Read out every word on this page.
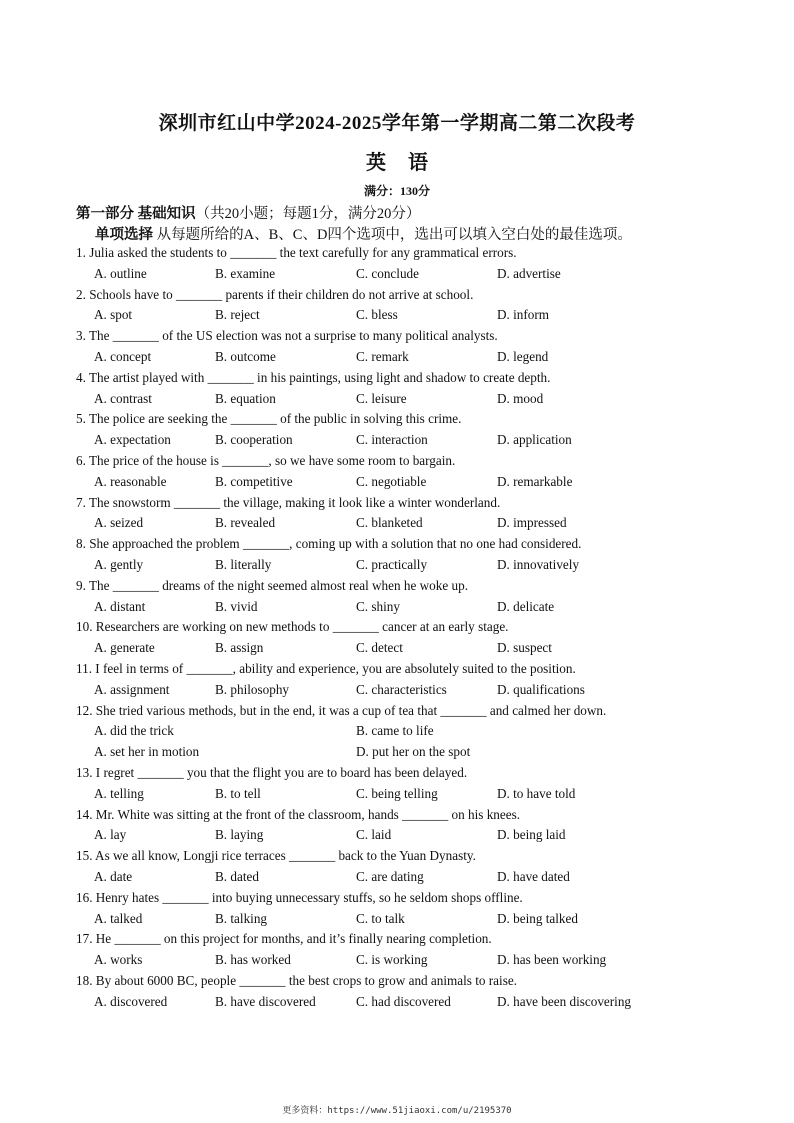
深圳市红山中学2024-2025学年第一学期高二第二次段考
英语
满分：130分
第一部分 基础知识（共20小题；每题1分，满分20分）
单项选择 从每题所给的A、B、C、D四个选项中，选出可以填入空白处的最佳选项。
1. Julia asked the students to _______ the text carefully for any grammatical errors.
A. outline	B. examine	C. conclude	D. advertise
2. Schools have to _______ parents if their children do not arrive at school.
A. spot	B. reject	C. bless	D. inform
3. The _______ of the US election was not a surprise to many political analysts.
A. concept	B. outcome	C. remark	D. legend
4. The artist played with _______ in his paintings, using light and shadow to create depth.
A. contrast	B. equation	C. leisure	D. mood
5. The police are seeking the _______ of the public in solving this crime.
A. expectation	B. cooperation	C. interaction	D. application
6. The price of the house is _______, so we have some room to bargain.
A. reasonable	B. competitive	C. negotiable	D. remarkable
7. The snowstorm _______ the village, making it look like a winter wonderland.
A. seized	B. revealed	C. blanketed	D. impressed
8. She approached the problem _______, coming up with a solution that no one had considered.
A. gently	B. literally	C. practically	D. innovatively
9. The _______ dreams of the night seemed almost real when he woke up.
A. distant	B. vivid	C. shiny	D. delicate
10. Researchers are working on new methods to _______ cancer at an early stage.
A. generate	B. assign	C. detect	D. suspect
11. I feel in terms of _______, ability and experience, you are absolutely suited to the position.
A. assignment	B. philosophy	C. characteristics	D. qualifications
12. She tried various methods, but in the end, it was a cup of tea that _______ and calmed her down.
A. did the trick	B. came to life
A. set her in motion	D. put her on the spot
13. I regret _______ you that the flight you are to board has been delayed.
A. telling	B. to tell	C. being telling	D. to have told
14. Mr. White was sitting at the front of the classroom, hands _______ on his knees.
A. lay	B. laying	C. laid	D. being laid
15. As we all know, Longji rice terraces _______ back to the Yuan Dynasty.
A. date	B. dated	C. are dating	D. have dated
16. Henry hates _______ into buying unnecessary stuffs, so he seldom shops offline.
A. talked	B. talking	C. to talk	D. being talked
17. He _______ on this project for months, and it’s finally nearing completion.
A. works	B. has worked	C. is working	D. has been working
18. By about 6000 BC, people _______ the best crops to grow and animals to raise.
A. discovered	B. have discovered	C. had discovered	D. have been discovering
更多资料：https://www.51jiaoxi.com/u/2195370
